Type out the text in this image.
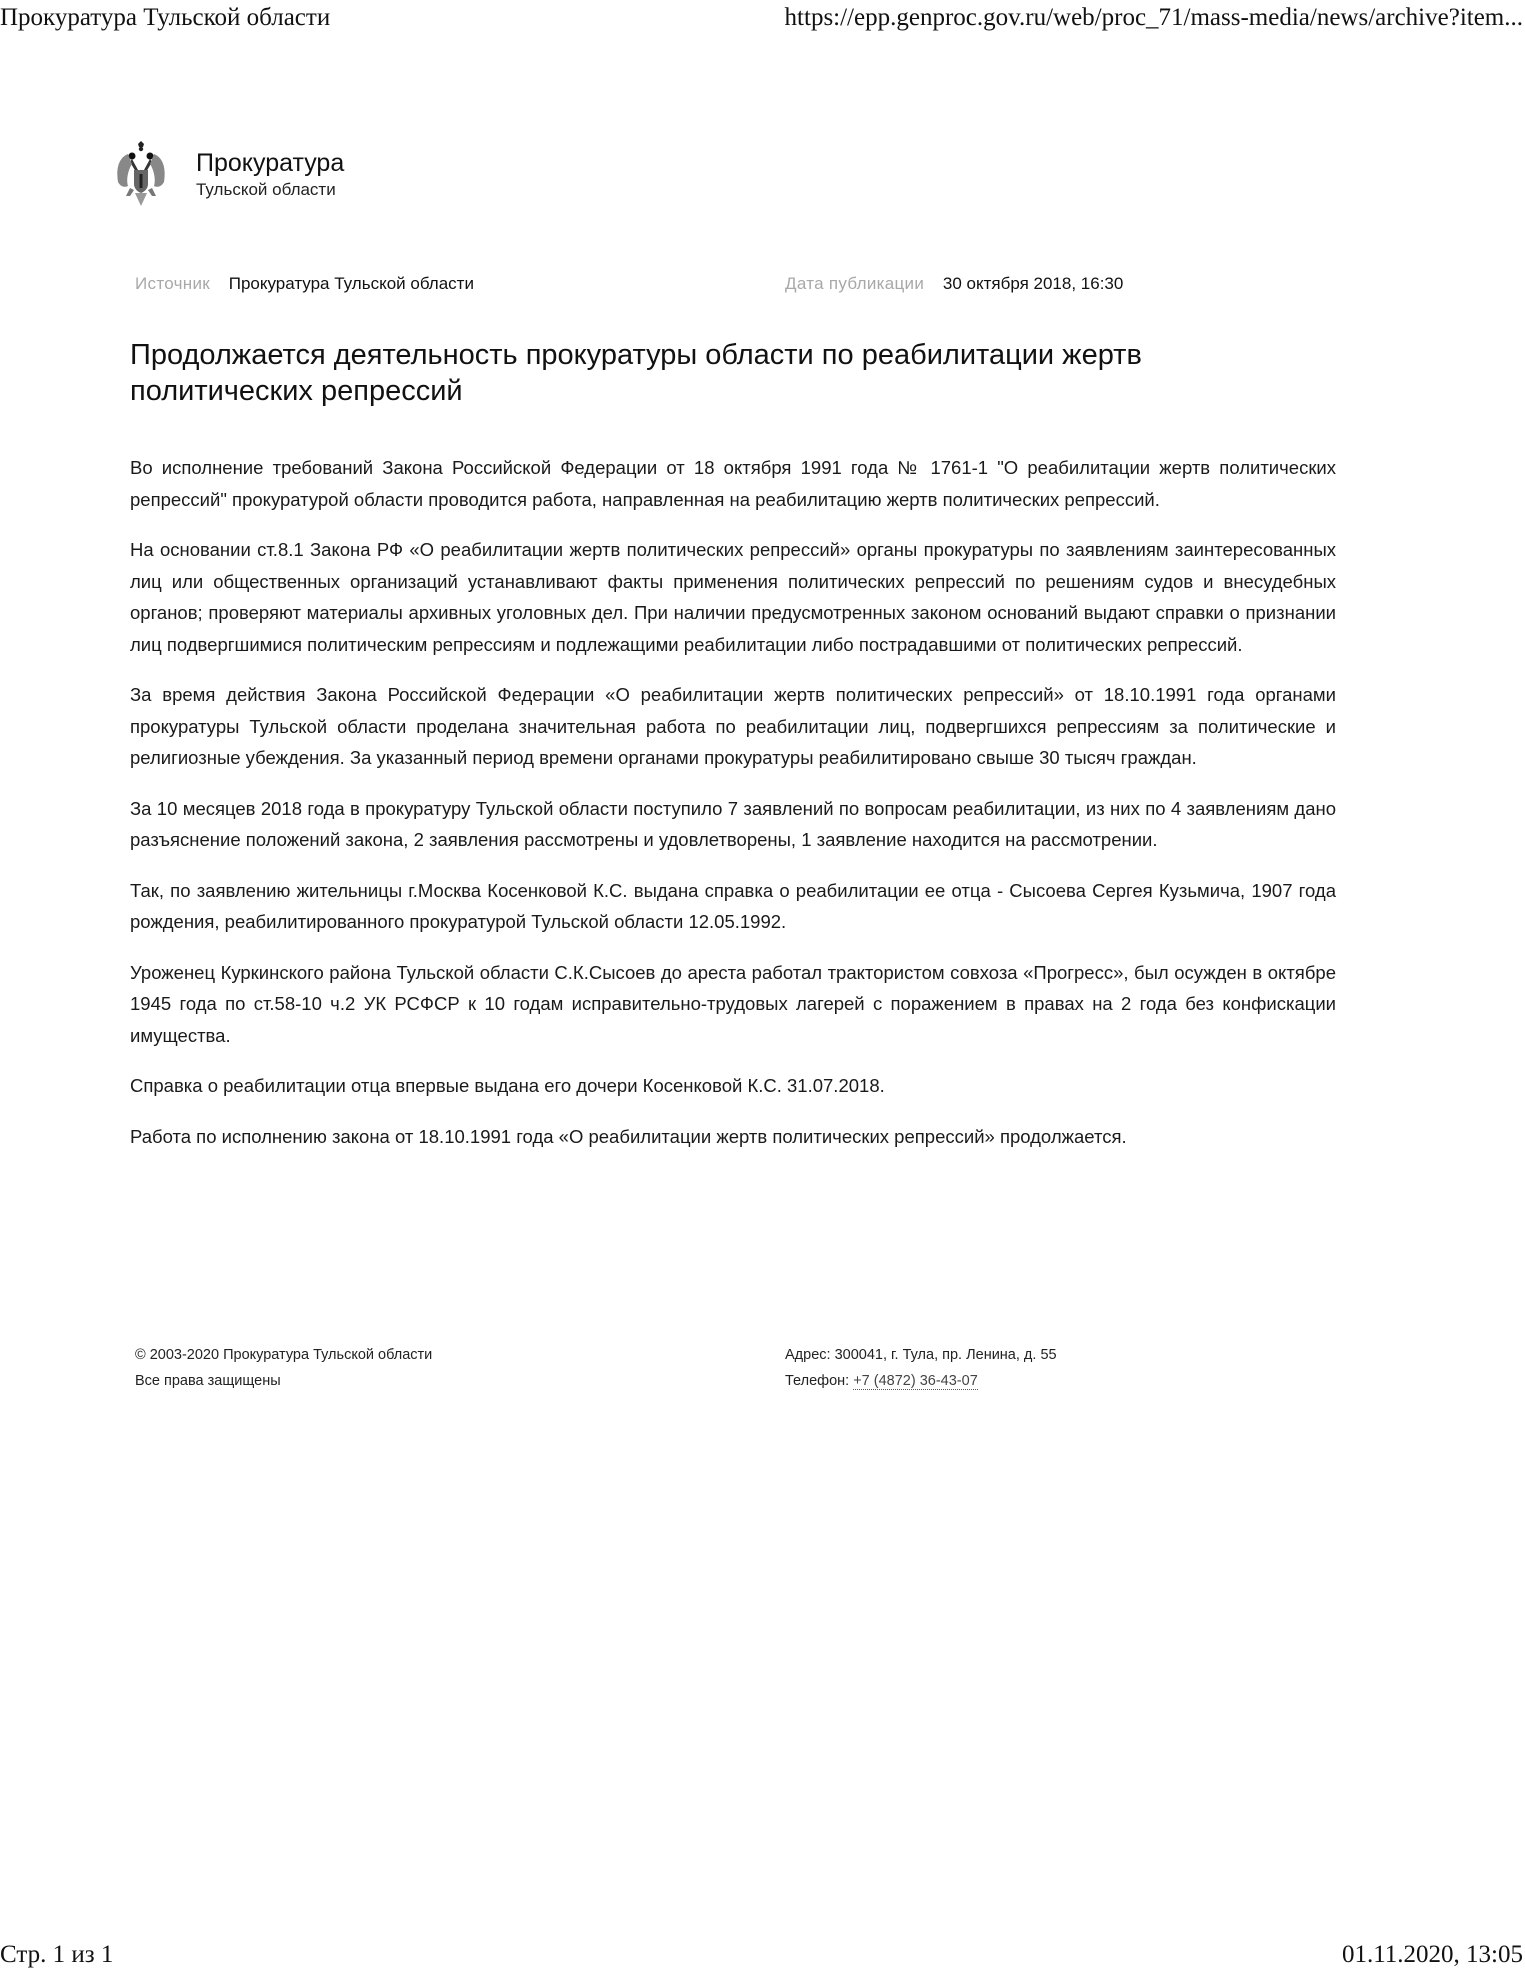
Прокуратура Тульской области	https://epp.genproc.gov.ru/web/proc_71/mass-media/news/archive?item...
Прокуратура
Тульской области
Источник Прокуратура Тульской области	Дата публикации 30 октября 2018, 16:30
Продолжается деятельность прокуратуры области по реабилитации жертв политических репрессий

Во исполнение требований Закона Российской Федерации от 18 октября 1991 года № 1761-1 "О реабилитации жертв политических репрессий" прокуратурой области проводится работа, направленная на реабилитацию жертв политических репрессий.

На основании ст.8.1 Закона РФ «О реабилитации жертв политических репрессий» органы прокуратуры по заявлениям заинтересованных лиц или общественных организаций устанавливают факты применения политических репрессий по решениям судов и внесудебных органов; проверяют материалы архивных уголовных дел. При наличии предусмотренных законом оснований выдают справки о признании лиц подвергшимися политическим репрессиям и подлежащими реабилитации либо пострадавшими от политических репрессий.

За время действия Закона Российской Федерации «О реабилитации жертв политических репрессий» от 18.10.1991 года органами прокуратуры Тульской области проделана значительная работа по реабилитации лиц, подвергшихся репрессиям за политические и религиозные убеждения. За указанный период времени органами прокуратуры реабилитировано свыше 30 тысяч граждан.

За 10 месяцев 2018 года в прокуратуру Тульской области поступило 7 заявлений по вопросам реабилитации, из них по 4 заявлениям дано разъяснение положений закона, 2 заявления рассмотрены и удовлетворены, 1 заявление находится на рассмотрении.

Так, по заявлению жительницы г.Москва Косенковой К.С. выдана справка о реабилитации ее отца - Сысоева Сергея Кузьмича, 1907 года рождения, реабилитированного прокуратурой Тульской области 12.05.1992.

Уроженец Куркинского района Тульской области С.К.Сысоев до ареста работал трактористом совхоза «Прогресс», был осужден в октябре 1945 года по ст.58-10 ч.2 УК РСФСР к 10 годам исправительно-трудовых лагерей с поражением в правах на 2 года без конфискации имущества.

Справка о реабилитации отца впервые выдана его дочери Косенковой К.С. 31.07.2018.

Работа по исполнению закона от 18.10.1991 года «О реабилитации жертв политических репрессий» продолжается.

© 2003-2020 Прокуратура Тульской области
Все права защищены
Адрес: 300041, г. Тула, пр. Ленина, д. 55
Телефон: +7 (4872) 36-43-07
Стр. 1 из 1	01.11.2020, 13:05
